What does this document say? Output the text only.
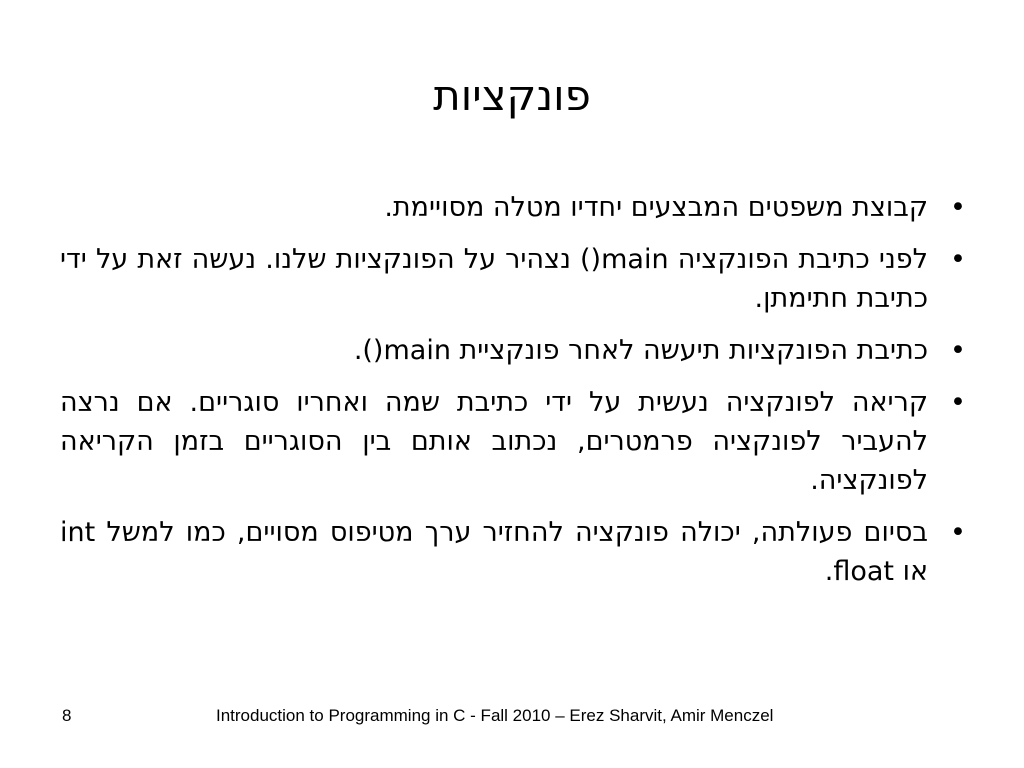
פונקציות
•
קבוצת משפטים המבצעים יחדיו מטלה מסויימת.
•
לפני כתיבת הפונקציה main() נצהיר על הפונקציות שלנו. נעשה זאת על ידי כתיבת חתימתן.
•
כתיבת הפונקציות תיעשה לאחר פונקציית main().
•
קריאה לפונקציה נעשית על ידי כתיבת שמה ואחריו סוגריים. אם נרצה להעביר לפונקציה פרמטרים, נכתוב אותם בין הסוגריים בזמן הקריאה לפונקציה.
•
בסיום פעולתה, יכולה פונקציה להחזיר ערך מטיפוס מסויים, כמו למשל int או float.
8	Introduction to Programming in C - Fall 2010 – Erez Sharvit, Amir Menczel
